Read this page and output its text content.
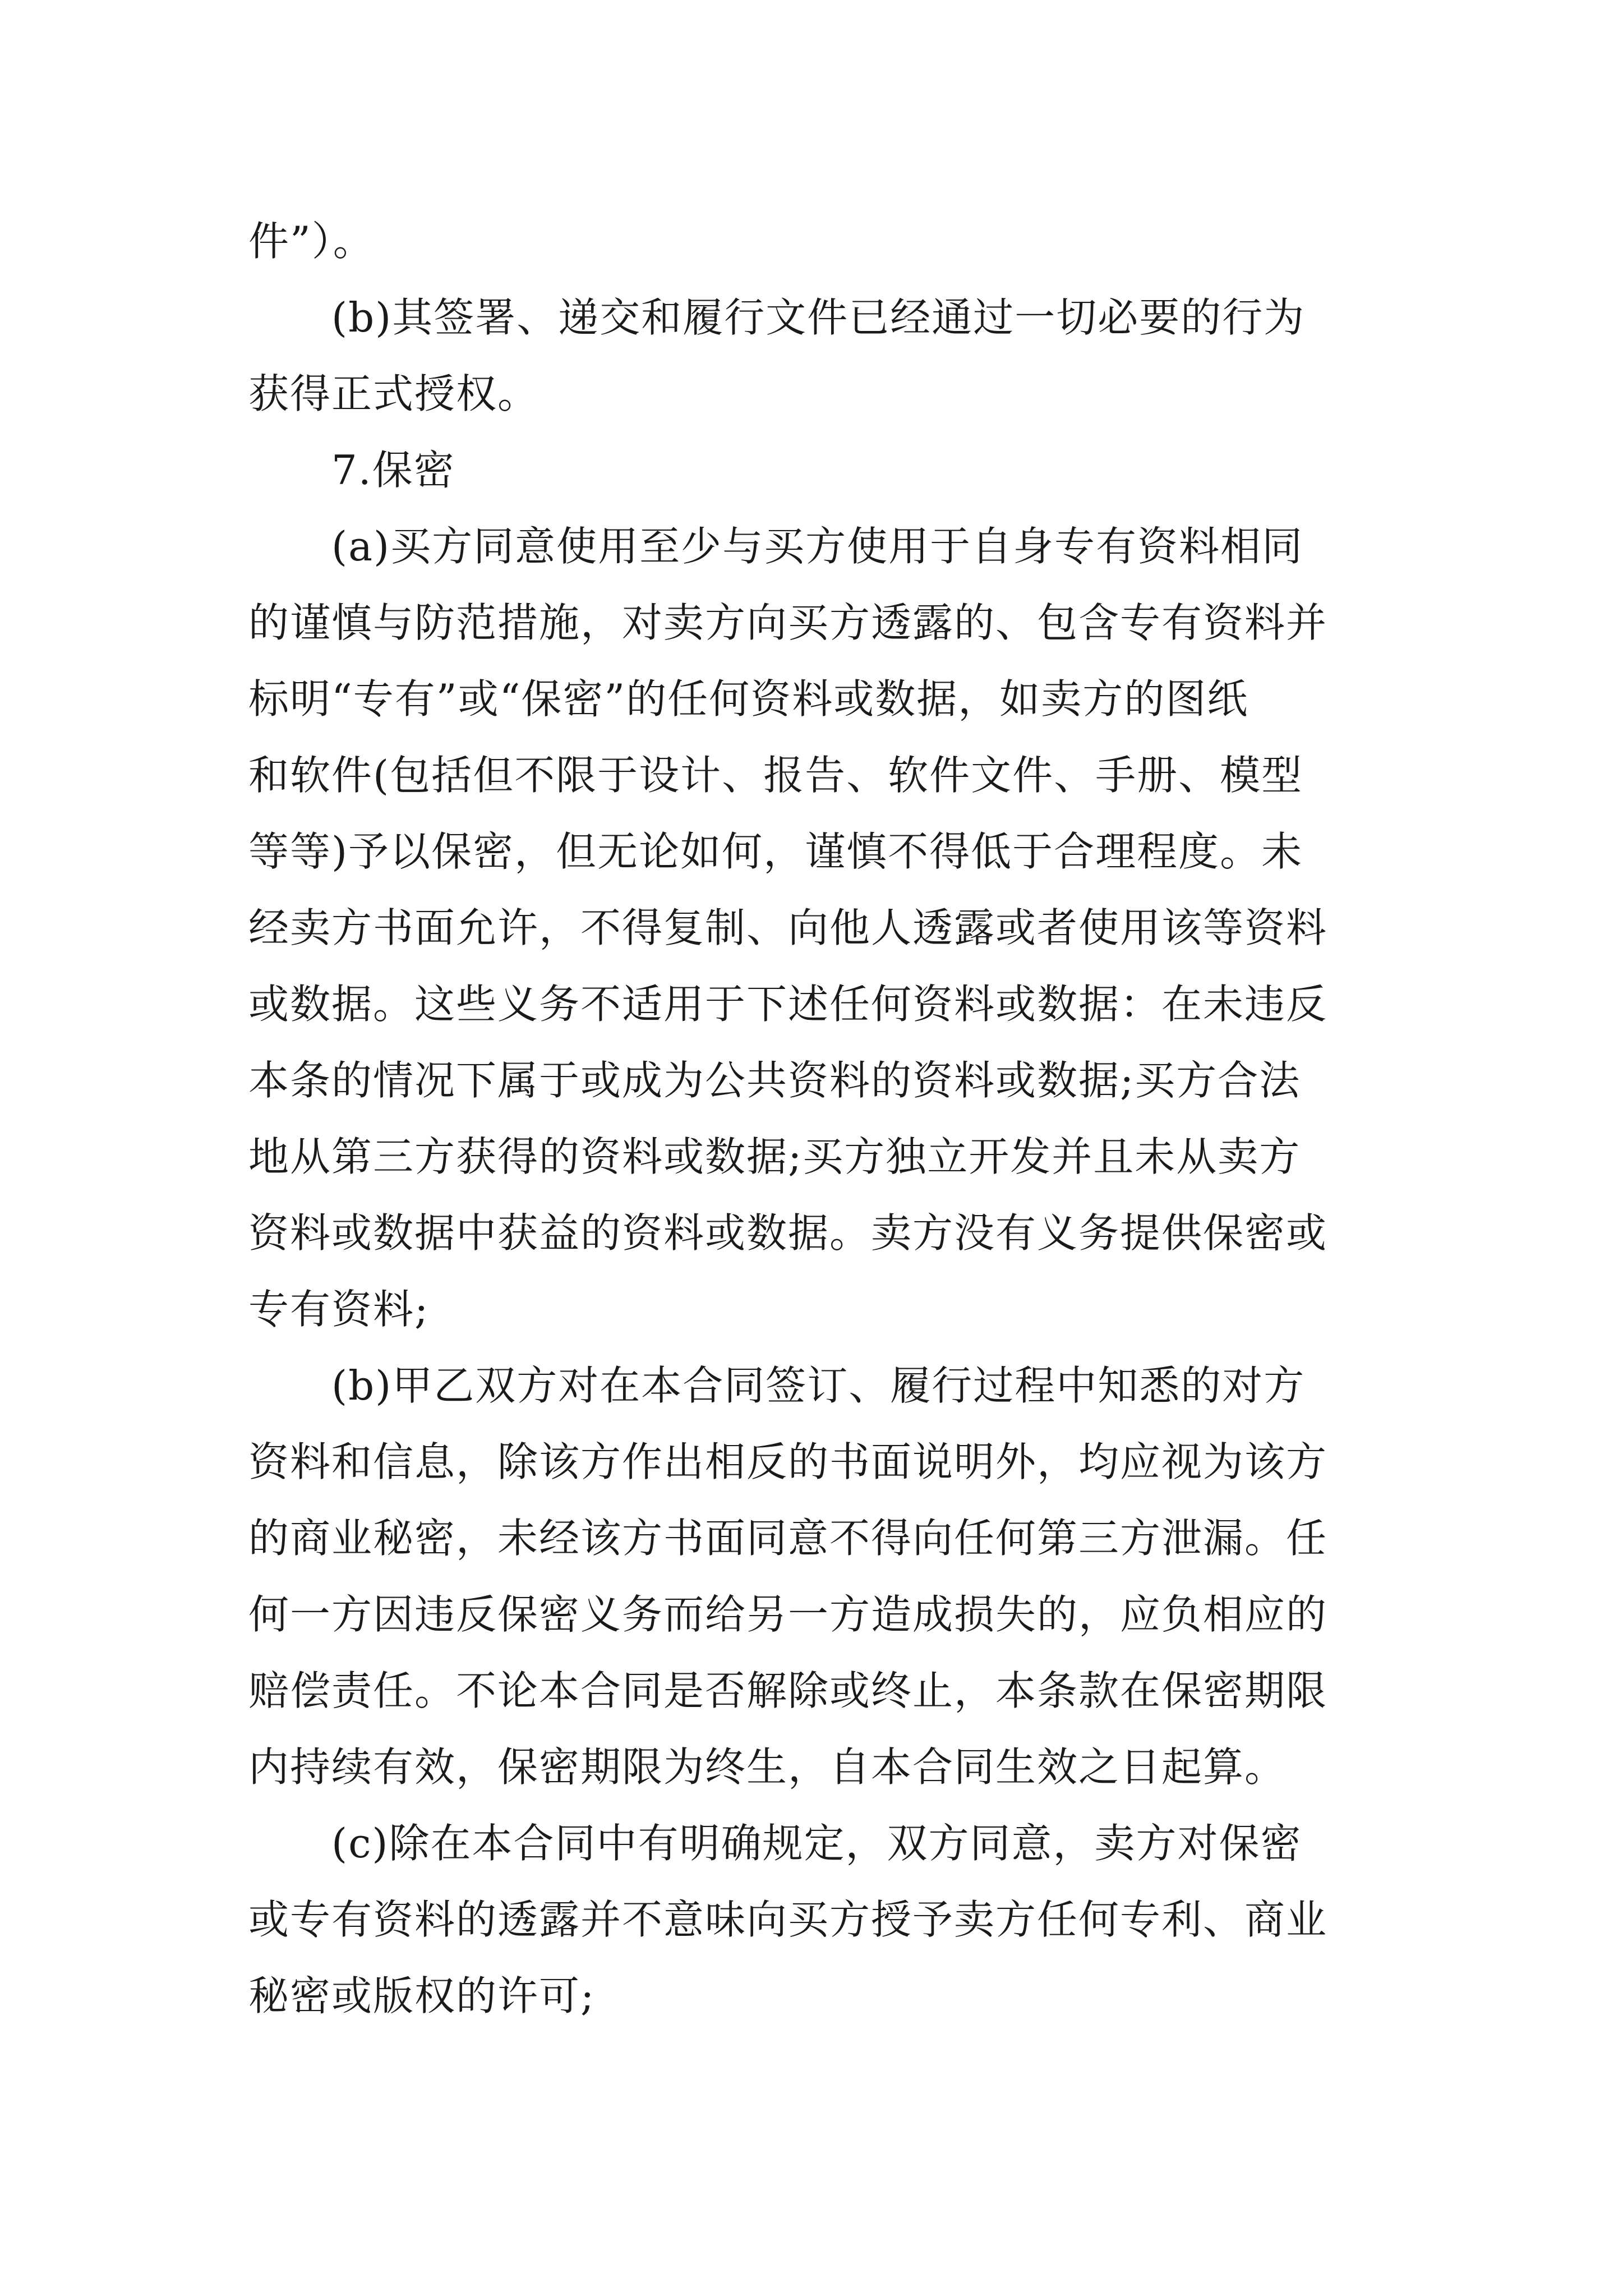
件”）。
(b)其签署、递交和履行文件已经通过一切必要的行为
获得正式授权。
7.保密
(a)买方同意使用至少与买方使用于自身专有资料相同
的谨慎与防范措施，对卖方向买方透露的、包含专有资料并
标明“专有”或“保密”的任何资料或数据，如卖方的图纸
和软件(包括但不限于设计、报告、软件文件、手册、模型
等等)予以保密，但无论如何，谨慎不得低于合理程度。未
经卖方书面允许，不得复制、向他人透露或者使用该等资料
或数据。这些义务不适用于下述任何资料或数据：在未违反
本条的情况下属于或成为公共资料的资料或数据;买方合法
地从第三方获得的资料或数据;买方独立开发并且未从卖方
资料或数据中获益的资料或数据。卖方没有义务提供保密或
专有资料;
(b)甲乙双方对在本合同签订、履行过程中知悉的对方
资料和信息，除该方作出相反的书面说明外，均应视为该方
的商业秘密，未经该方书面同意不得向任何第三方泄漏。任
何一方因违反保密义务而给另一方造成损失的，应负相应的
赔偿责任。不论本合同是否解除或终止，本条款在保密期限
内持续有效，保密期限为终生，自本合同生效之日起算。
(c)除在本合同中有明确规定，双方同意，卖方对保密
或专有资料的透露并不意味向买方授予卖方任何专利、商业
秘密或版权的许可;
